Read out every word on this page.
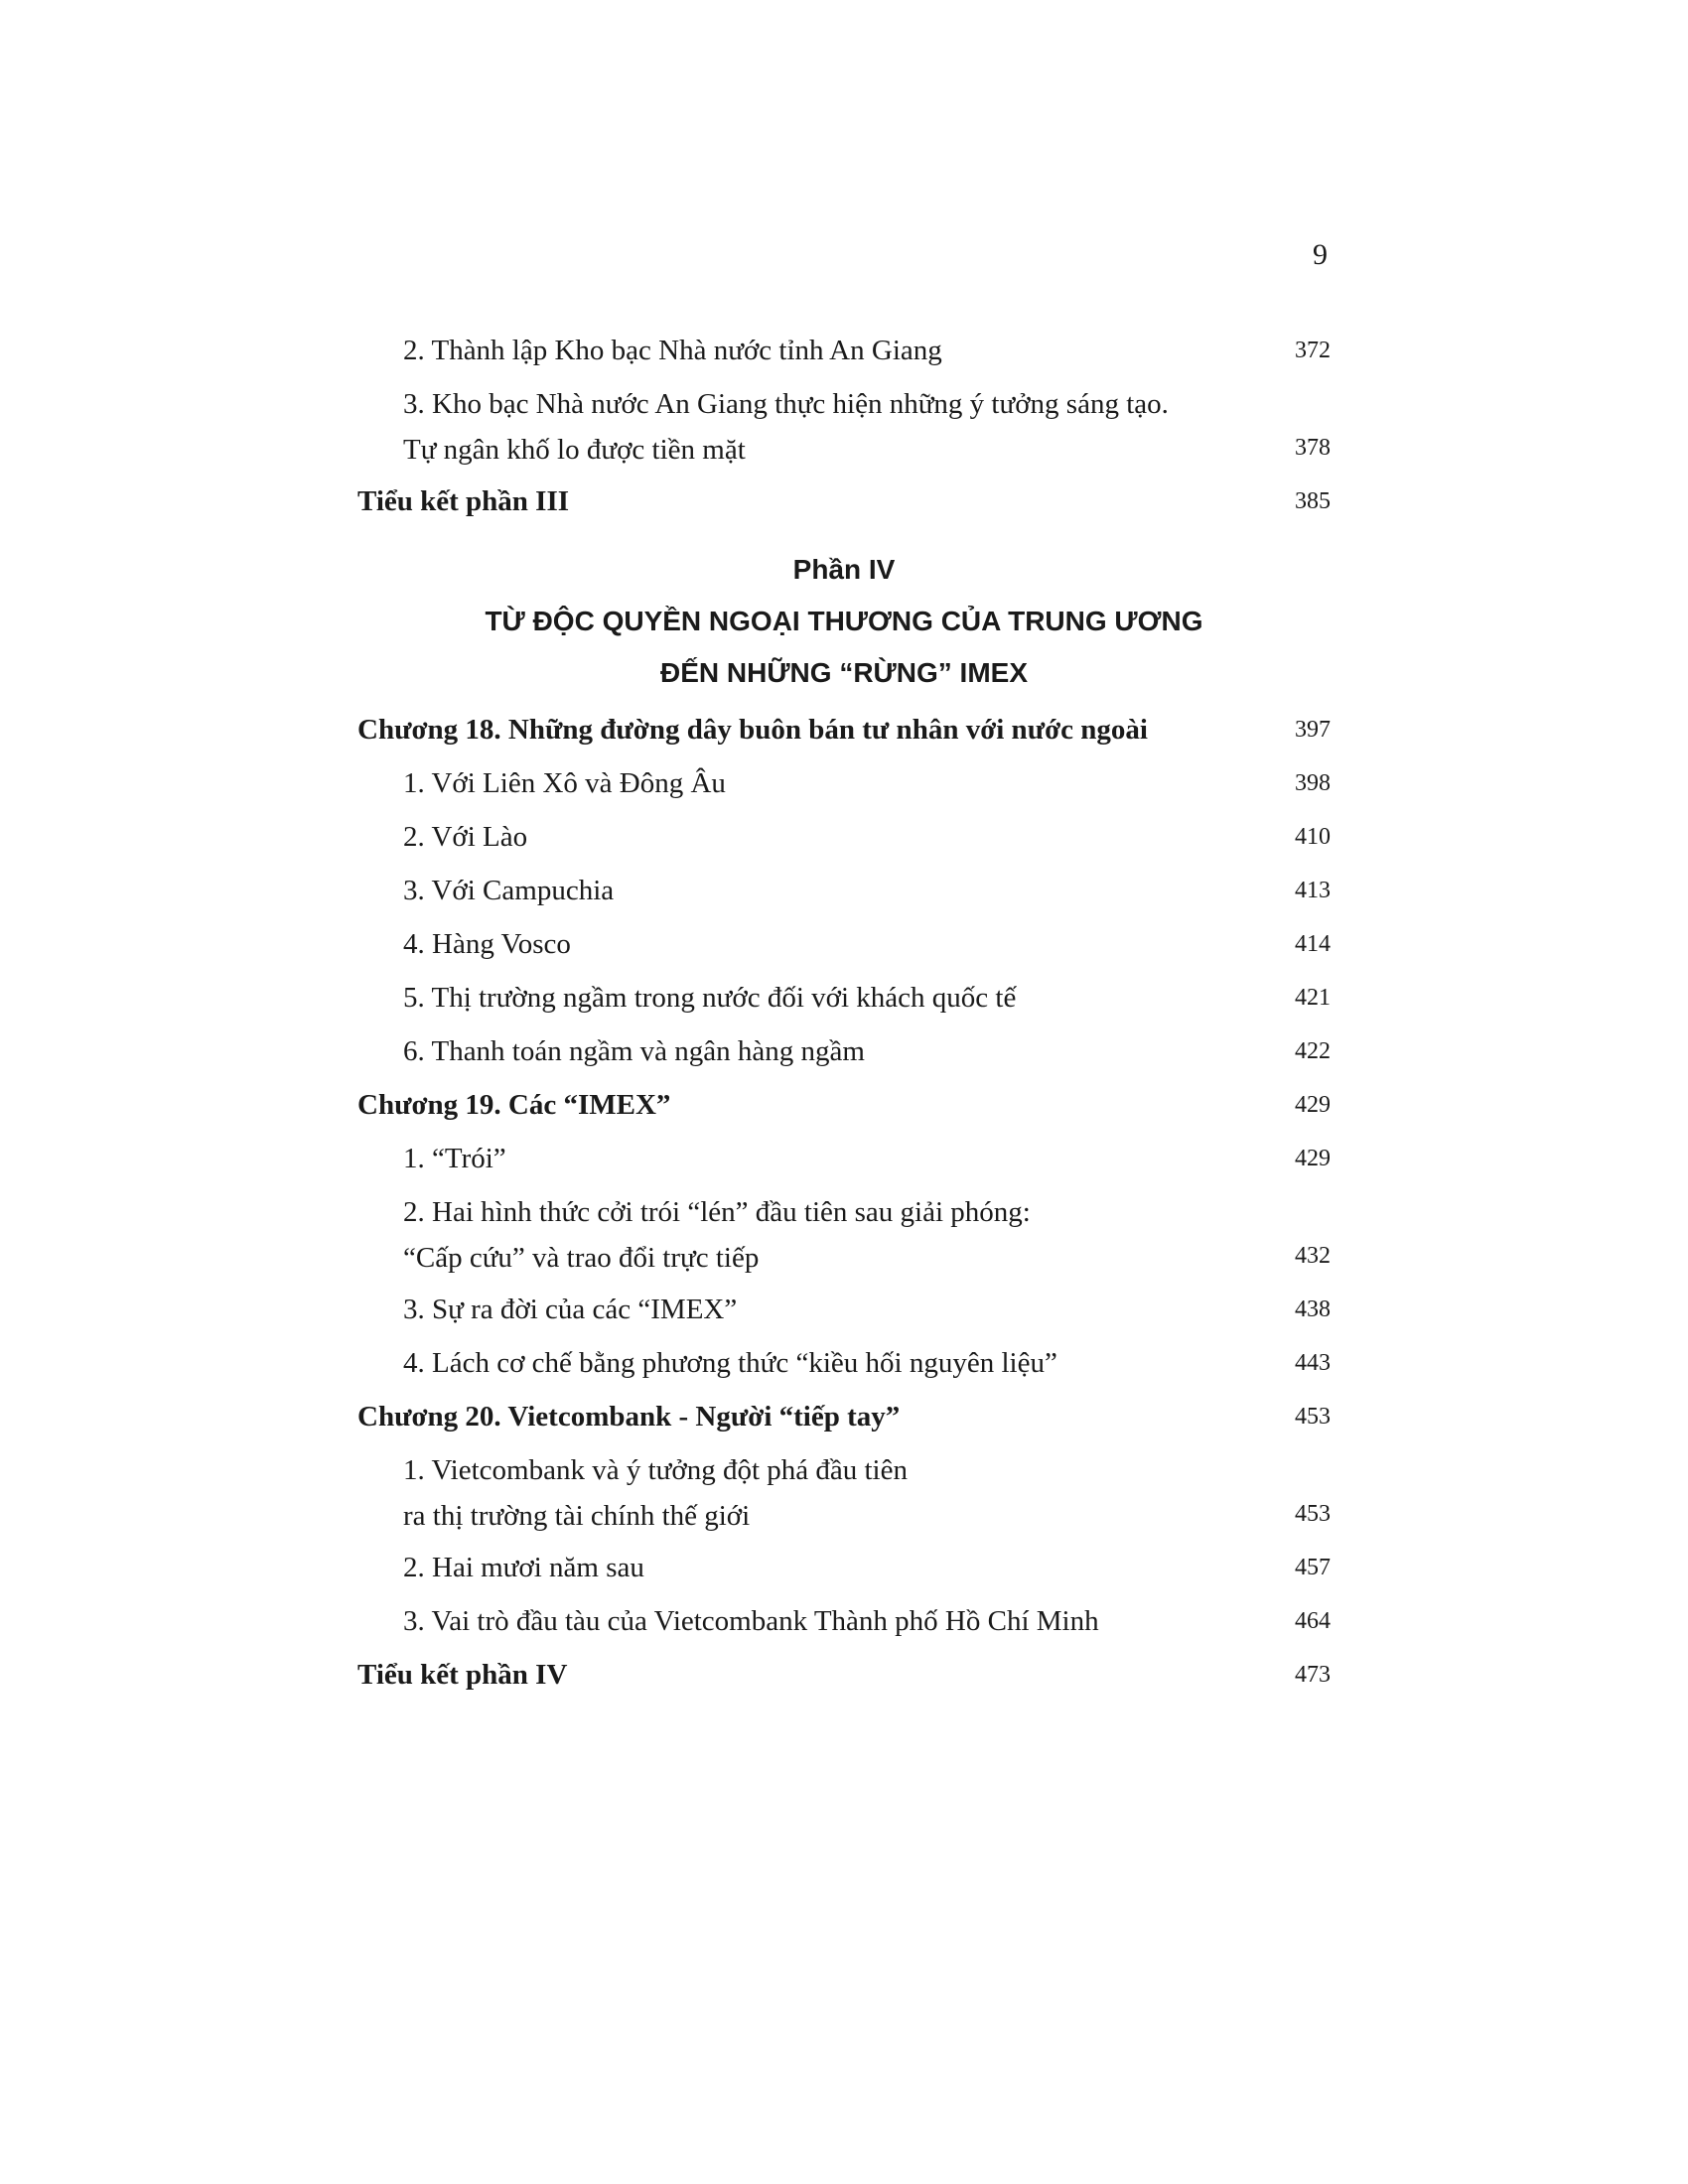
9
2. Thành lập Kho bạc Nhà nước tỉnh An Giang	372
3. Kho bạc Nhà nước An Giang thực hiện những ý tưởng sáng tạo.
Tự ngân khố lo được tiền mặt	378
Tiểu kết phần III	385
Phần IV
TỪ ĐỘC QUYỀN NGOẠI THƯƠNG CỦA TRUNG ƯƠNG
ĐẾN NHỮNG “RỪNG” IMEX
Chương 18. Những đường dây buôn bán tư nhân với nước ngoài	397
1. Với Liên Xô và Đông Âu	398
2. Với Lào	410
3. Với Campuchia	413
4. Hàng Vosco	414
5. Thị trường ngầm trong nước đối với khách quốc tế	421
6. Thanh toán ngầm và ngân hàng ngầm	422
Chương 19. Các “IMEX”	429
1. “Trói”	429
2. Hai hình thức cởi trói “lén” đầu tiên sau giải phóng:
“Cấp cứu” và trao đổi trực tiếp	432
3. Sự ra đời của các “IMEX”	438
4. Lách cơ chế bằng phương thức “kiều hối nguyên liệu”	443
Chương 20. Vietcombank - Người “tiếp tay”	453
1. Vietcombank và ý tưởng đột phá đầu tiên
ra thị trường tài chính thế giới	453
2. Hai mươi năm sau	457
3. Vai trò đầu tàu của Vietcombank Thành phố Hồ Chí Minh	464
Tiểu kết phần IV	473
